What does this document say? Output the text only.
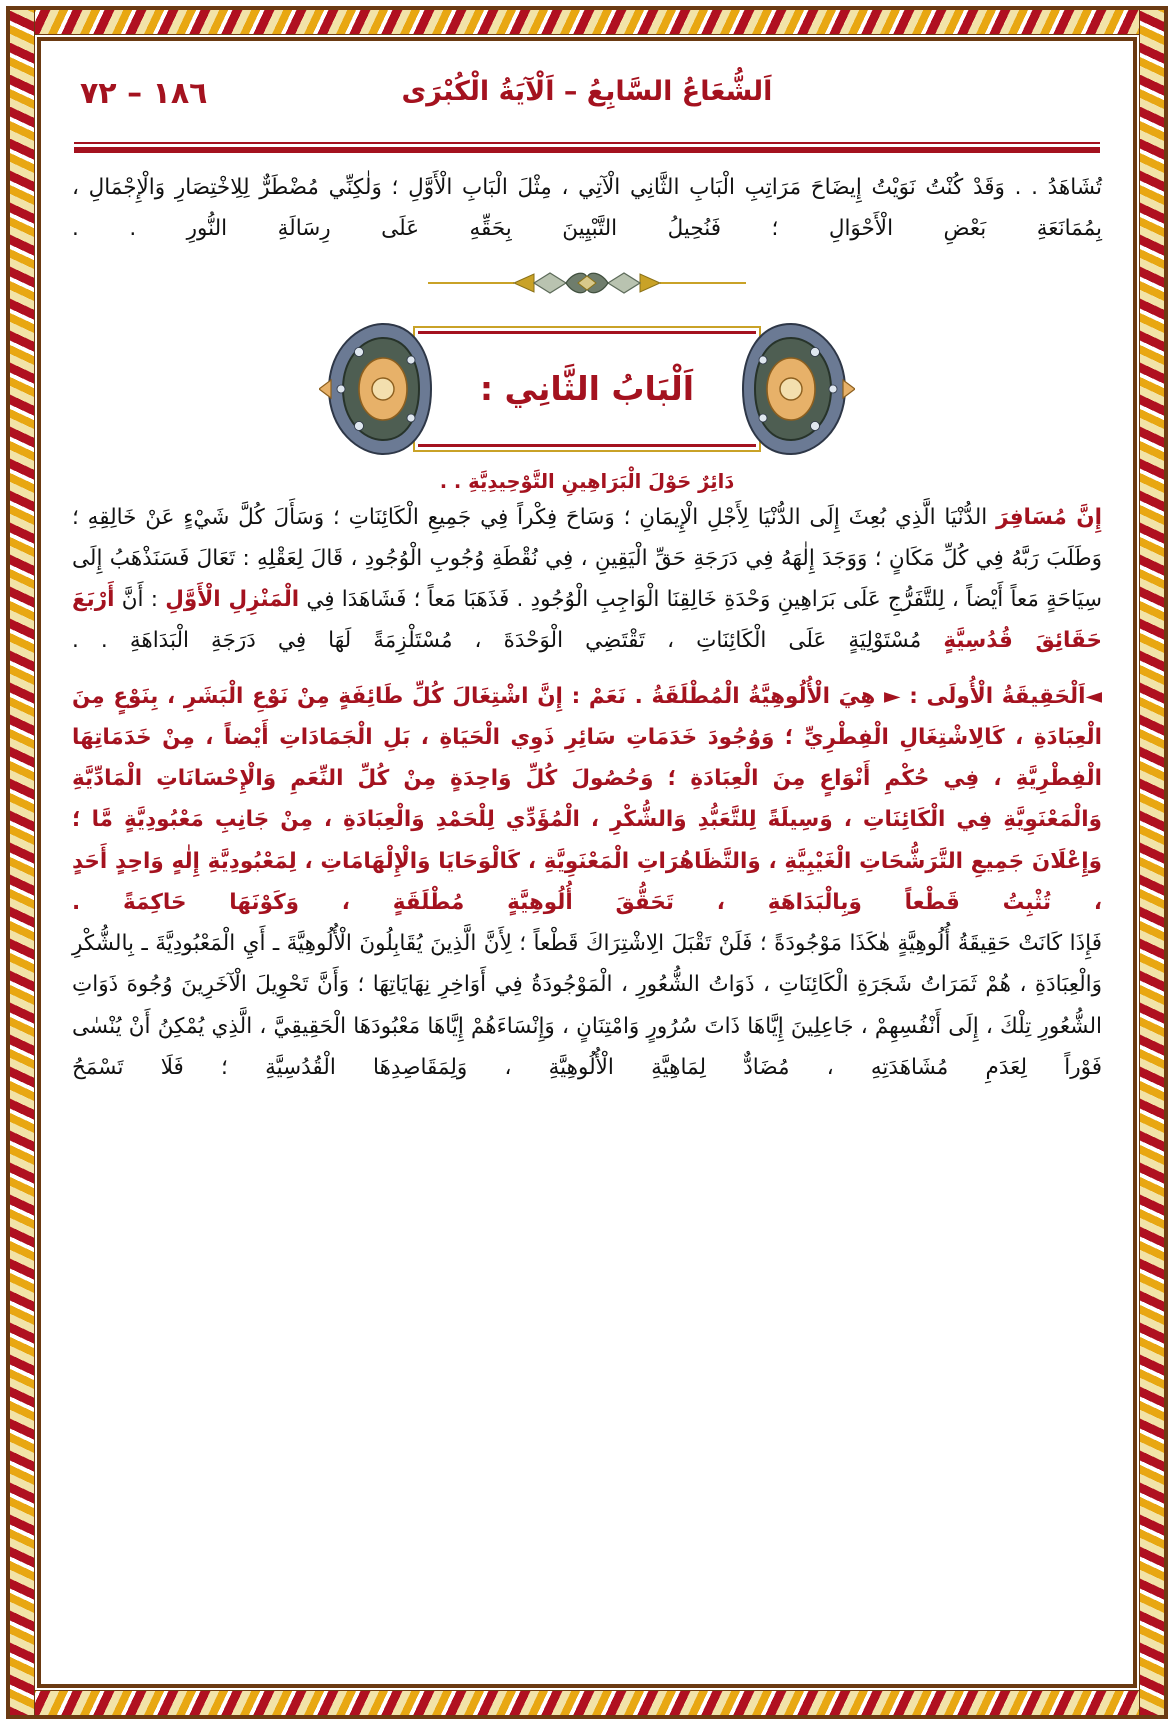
١٨٦ – ٧٢	اَلشُّعَاعُ السَّابِعُ – اَلْآيَةُ الْكُبْرَى

تُشَاهَدُ . . وَقَدْ كُنْتُ نَوَيْتُ إِيضَاحَ مَرَاتِبِ الْبَابِ الثَّانِي الْآتِي ، مِثْلَ الْبَابِ الْأَوَّلِ ؛ وَلٰكِنِّي مُضْطَرٌّ لِلِاخْتِصَارِ وَالْإِجْمَالِ ، بِمُمَانَعَةِ بَعْضِ الْأَحْوَالِ ؛ فَنُحِيلُ التَّبْيِينَ بِحَقِّهِ عَلَى رِسَالَةِ النُّورِ . .

اَلْبَابُ الثَّانِي :
دَائِرٌ حَوْلَ الْبَرَاهِينِ التَّوْحِيدِيَّةِ . .

إِنَّ مُسَافِرَ الدُّنْيَا الَّذِي بُعِثَ إِلَى الدُّنْيَا لِأَجْلِ الْإِيمَانِ ؛ وَسَاحَ فِكْراً فِي جَمِيعِ الْكَائِنَاتِ ؛ وَسَأَلَ كُلَّ شَيْءٍ عَنْ خَالِقِهِ ؛ وَطَلَبَ رَبَّهُ فِي كُلِّ مَكَانٍ ؛ وَوَجَدَ إِلٰهَهُ فِي دَرَجَةِ حَقِّ الْيَقِينِ ، فِي نُقْطَةِ وُجُوبِ الْوُجُودِ ، قَالَ لِعَقْلِهِ : تَعَالَ فَسَنَذْهَبُ إِلَى سِيَاحَةٍ مَعاً أَيْضاً ، لِلتَّفَرُّجِ عَلَى بَرَاهِينِ وَحْدَةِ خَالِقِنَا الْوَاجِبِ الْوُجُودِ . فَذَهَبَا مَعاً ؛ فَشَاهَدَا فِي الْمَنْزِلِ الْأَوَّلِ : أَنَّ أَرْبَعَ حَقَائِقَ قُدُسِيَّةٍ مُسْتَوْلِيَةٍ عَلَى الْكَائِنَاتِ ، تَقْتَضِي الْوَحْدَةَ ، مُسْتَلْزِمَةً لَهَا فِي دَرَجَةِ الْبَدَاهَةِ . .

◄اَلْحَقِيقَةُ الْأُولَى : ► هِيَ الْأُلُوهِيَّةُ الْمُطْلَقَةُ . نَعَمْ : إِنَّ اشْتِغَالَ كُلِّ طَائِفَةٍ مِنْ نَوْعِ الْبَشَرِ ، بِنَوْعٍ مِنَ الْعِبَادَةِ ، كَالِاشْتِغَالِ الْفِطْرِيِّ ؛ وَوُجُودَ خَدَمَاتِ سَائِرِ ذَوِي الْحَيَاةِ ، بَلِ الْجَمَادَاتِ أَيْضاً ، مِنْ خَدَمَاتِهَا الْفِطْرِيَّةِ ، فِي حُكْمِ أَنْوَاعٍ مِنَ الْعِبَادَةِ ؛ وَحُصُولَ كُلِّ وَاحِدَةٍ مِنْ كُلِّ النِّعَمِ وَالْإِحْسَانَاتِ الْمَادِّيَّةِ وَالْمَعْنَوِيَّةِ فِي الْكَائِنَاتِ ، وَسِيلَةً لِلتَّعَبُّدِ وَالشُّكْرِ ، الْمُؤَدِّي لِلْحَمْدِ وَالْعِبَادَةِ ، مِنْ جَانِبِ مَعْبُودِيَّةٍ مَّا ؛ وَإِعْلَانَ جَمِيعِ التَّرَشُّحَاتِ الْغَيْبِيَّةِ ، وَالتَّظَاهُرَاتِ الْمَعْنَوِيَّةِ ، كَالْوَحَايَا وَالْإِلْهَامَاتِ ، لِمَعْبُودِيَّةِ إِلٰهٍ وَاحِدٍ أَحَدٍ ، تُثْبِتُ قَطْعاً وَبِالْبَدَاهَةِ ، تَحَقُّقَ أُلُوهِيَّةٍ مُطْلَقَةٍ ، وَكَوْنَهَا حَاكِمَةً .

فَإِذَا كَانَتْ حَقِيقَةُ أُلُوهِيَّةٍ هٰكَذَا مَوْجُودَةً ؛ فَلَنْ تَقْبَلَ الِاشْتِرَاكَ قَطْعاً ؛ لِأَنَّ الَّذِينَ يُقَابِلُونَ الْأُلُوهِيَّةَ ـ أَيِ الْمَعْبُودِيَّةَ ـ بِالشُّكْرِ وَالْعِبَادَةِ ، هُمْ ثَمَرَاتُ شَجَرَةِ الْكَائِنَاتِ ، ذَوَاتُ الشُّعُورِ ، الْمَوْجُودَةُ فِي أَوَاخِرِ نِهَايَاتِهَا ؛ وَأَنَّ تَحْوِيلَ الْآخَرِينَ وُجُوهَ ذَوَاتِ الشُّعُورِ تِلْكَ ، إِلَى أَنْفُسِهِمْ ، جَاعِلِينَ إِيَّاهَا ذَاتَ سُرُورٍ وَامْتِنَانٍ ، وَإِنْسَاءَهُمْ إِيَّاهَا مَعْبُودَهَا الْحَقِيقِيَّ ، الَّذِي يُمْكِنُ أَنْ يُنْسٰى فَوْراً لِعَدَمِ مُشَاهَدَتِهِ ، مُضَادٌّ لِمَاهِيَّةِ الْأُلُوهِيَّةِ ، وَلِمَقَاصِدِهَا الْقُدُسِيَّةِ ؛ فَلَا تَسْمَحُ
